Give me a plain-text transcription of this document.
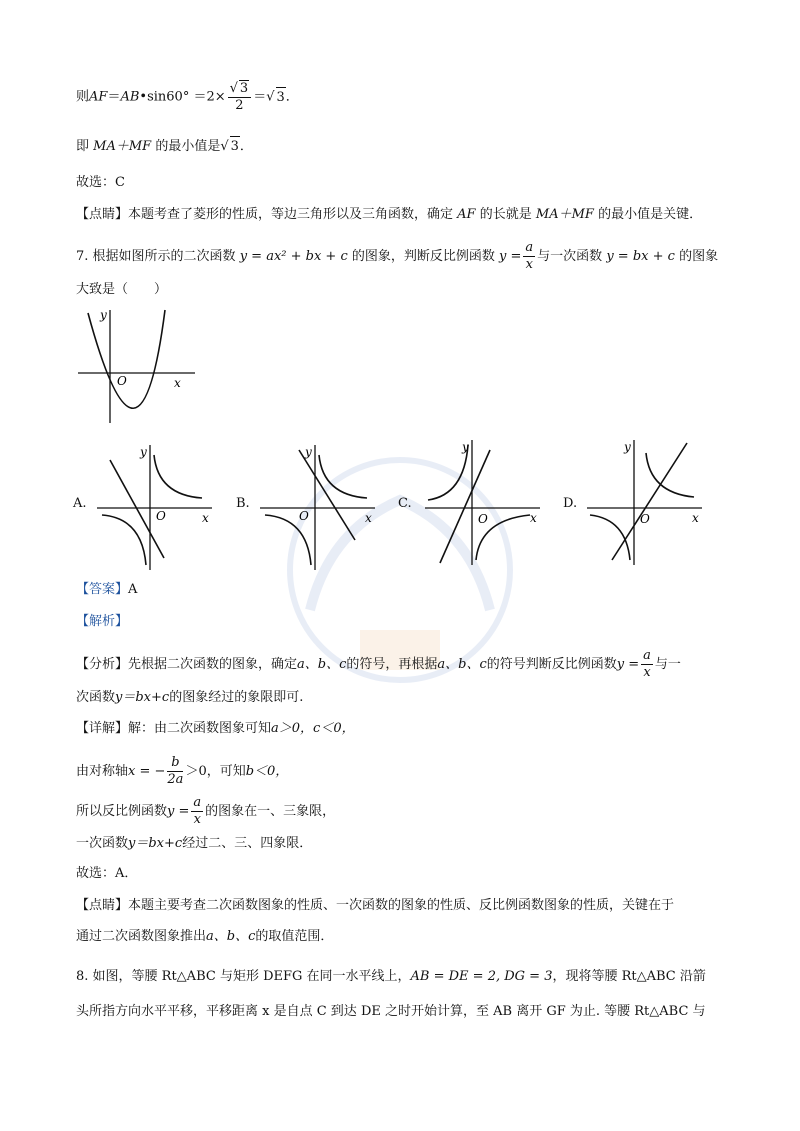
则AF＝AB•sin60° $=2\times \frac{√ 3}{2}$ ＝√ 3．
即 MA＋MF 的最小值是√ 3．
故选：C
【点睛】本题考查了菱形的性质，等边三角形以及三角函数，确定 AF 的长就是 MA＋MF 的最小值是关键．
7. 根据如图所示的二次函数 y = ax² + bx + c 的图象，判断反比例函数 $y = \frac{a}{x}$ 与一次函数 y = bx + c 的图象
大致是（　　）
y
O	x
A.
y
O	x
B.
y
O	x
C.
y
O	x
D.
y
O	x
【答案】A
【解析】
【分析】先根据二次函数的图象，确定a、b、c的符号，再根据a、b、c的符号判断反比例函数$y = \frac{a}{x}$ 与一
次函数y＝bx+c的图象经过的象限即可.
【详解】解：由二次函数图象可知a＞0，c＜0，
由对称轴x = − $\frac{b}{2a} >0$，可知b＜0，
所以反比例函数$y = \frac{a}{x}$ 的图象在一、三象限，
一次函数y＝bx+c经过二、三、四象限．
故选：A．
【点睛】本题主要考查二次函数图象的性质、一次函数的图象的性质、反比例函数图象的性质，关键在于
通过二次函数图象推出a、b、c的取值范围．
8. 如图，等腰 Rt△ABC 与矩形 DEFG 在同一水平线上，AB = DE = 2, DG = 3，现将等腰 Rt△ABC 沿箭
头所指方向水平平移，平移距离 x 是自点 C 到达 DE 之时开始计算，至 AB 离开 GF 为止. 等腰 Rt△ABC 与
